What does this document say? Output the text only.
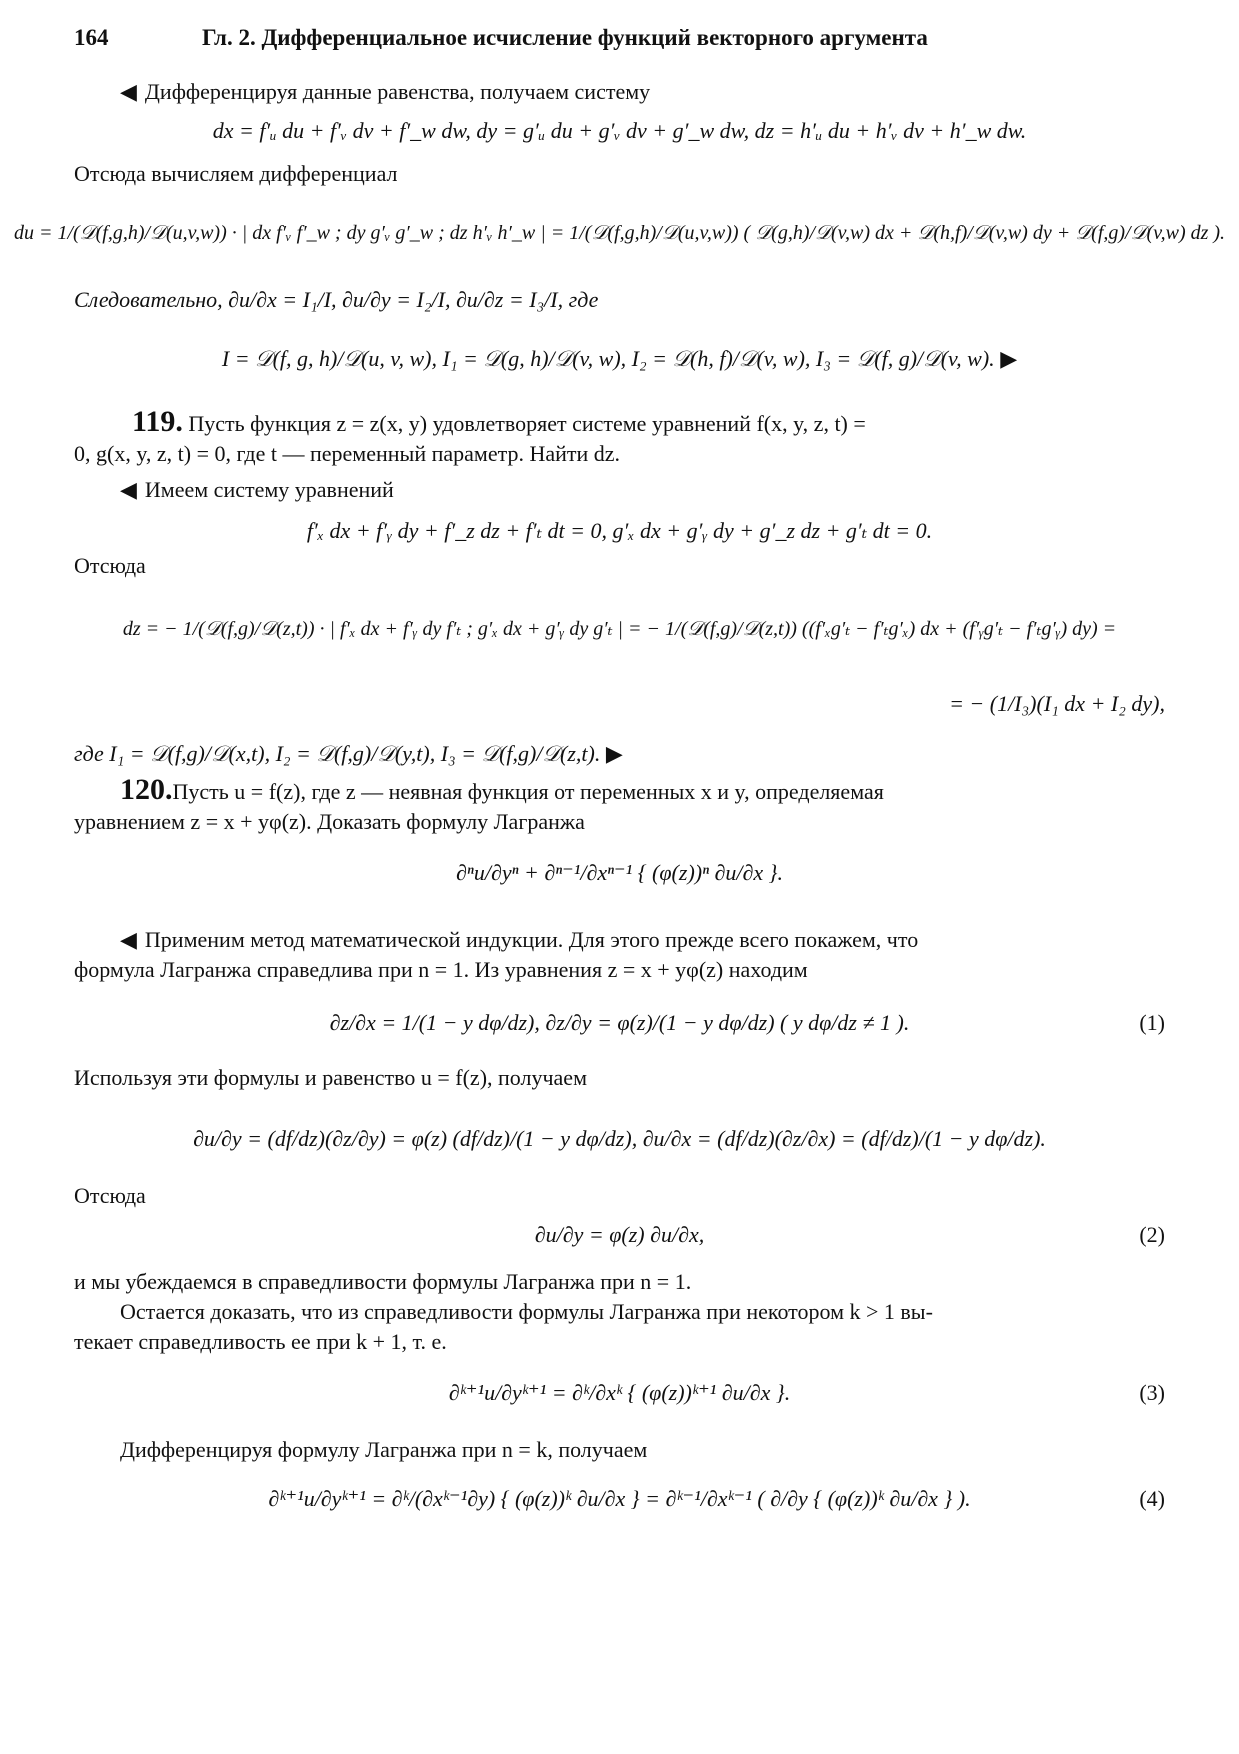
164	Гл. 2. Дифференциальное исчисление функций векторного аргумента
◀ Дифференцируя данные равенства, получаем систему
dx = f′ᵤ du + f′ᵥ dv + f′_w dw, dy = g′ᵤ du + g′ᵥ dv + g′_w dw, dz = h′ᵤ du + h′ᵥ dv + h′_w dw.
Отсюда вычисляем дифференциал
du = 1/(𝒟(f,g,h)/𝒟(u,v,w)) · | dx f′ᵥ f′_w ; dy g′ᵥ g′_w ; dz h′ᵥ h′_w | = 1/(𝒟(f,g,h)/𝒟(u,v,w)) ( 𝒟(g,h)/𝒟(v,w) dx + 𝒟(h,f)/𝒟(v,w) dy + 𝒟(f,g)/𝒟(v,w) dz ).
Следовательно, ∂u/∂x = I₁/I, ∂u/∂y = I₂/I, ∂u/∂z = I₃/I, где
I = 𝒟(f, g, h)/𝒟(u, v, w), I₁ = 𝒟(g, h)/𝒟(v, w), I₂ = 𝒟(h, f)/𝒟(v, w), I₃ = 𝒟(f, g)/𝒟(v, w). ▶
119. Пусть функция z = z(x, y) удовлетворяет системе уравнений f(x, y, z, t) =
0, g(x, y, z, t) = 0, где t — переменный параметр. Найти dz.
◀ Имеем систему уравнений
f′ₓ dx + f′ᵧ dy + f′_z dz + f′ₜ dt = 0, g′ₓ dx + g′ᵧ dy + g′_z dz + g′ₜ dt = 0.
Отсюда
dz = − 1/(𝒟(f,g)/𝒟(z,t)) · | f′ₓ dx + f′ᵧ dy f′ₜ ; g′ₓ dx + g′ᵧ dy g′ₜ | = − 1/(𝒟(f,g)/𝒟(z,t)) ((f′ₓg′ₜ − f′ₜg′ₓ) dx + (f′ᵧg′ₜ − f′ₜg′ᵧ) dy) =
= − (1/I₃)(I₁ dx + I₂ dy),
где I₁ = 𝒟(f,g)/𝒟(x,t), I₂ = 𝒟(f,g)/𝒟(y,t), I₃ = 𝒟(f,g)/𝒟(z,t). ▶
120.Пусть u = f(z), где z — неявная функция от переменных x и y, определяемая
уравнением z = x + yφ(z). Доказать формулу Лагранжа
∂ⁿu/∂yⁿ + ∂ⁿ⁻¹/∂xⁿ⁻¹ { (φ(z))ⁿ ∂u/∂x }.
◀ Применим метод математической индукции. Для этого прежде всего покажем, что
формула Лагранжа справедлива при n = 1. Из уравнения z = x + yφ(z) находим
∂z/∂x = 1/(1 − y dφ/dz), ∂z/∂y = φ(z)/(1 − y dφ/dz) ( y dφ/dz ≠ 1 ).	(1)
Используя эти формулы и равенство u = f(z), получаем
∂u/∂y = (df/dz)(∂z/∂y) = φ(z) (df/dz)/(1 − y dφ/dz), ∂u/∂x = (df/dz)(∂z/∂x) = (df/dz)/(1 − y dφ/dz).
Отсюда
∂u/∂y = φ(z) ∂u/∂x,	(2)
и мы убеждаемся в справедливости формулы Лагранжа при n = 1.
Остается доказать, что из справедливости формулы Лагранжа при некотором k > 1 вы-
текает справедливость ее при k + 1, т. е.
∂ᵏ⁺¹u/∂yᵏ⁺¹ = ∂ᵏ/∂xᵏ { (φ(z))ᵏ⁺¹ ∂u/∂x }.	(3)
Дифференцируя формулу Лагранжа при n = k, получаем
∂ᵏ⁺¹u/∂yᵏ⁺¹ = ∂ᵏ/(∂xᵏ⁻¹∂y) { (φ(z))ᵏ ∂u/∂x } = ∂ᵏ⁻¹/∂xᵏ⁻¹ ( ∂/∂y { (φ(z))ᵏ ∂u/∂x } ).	(4)
